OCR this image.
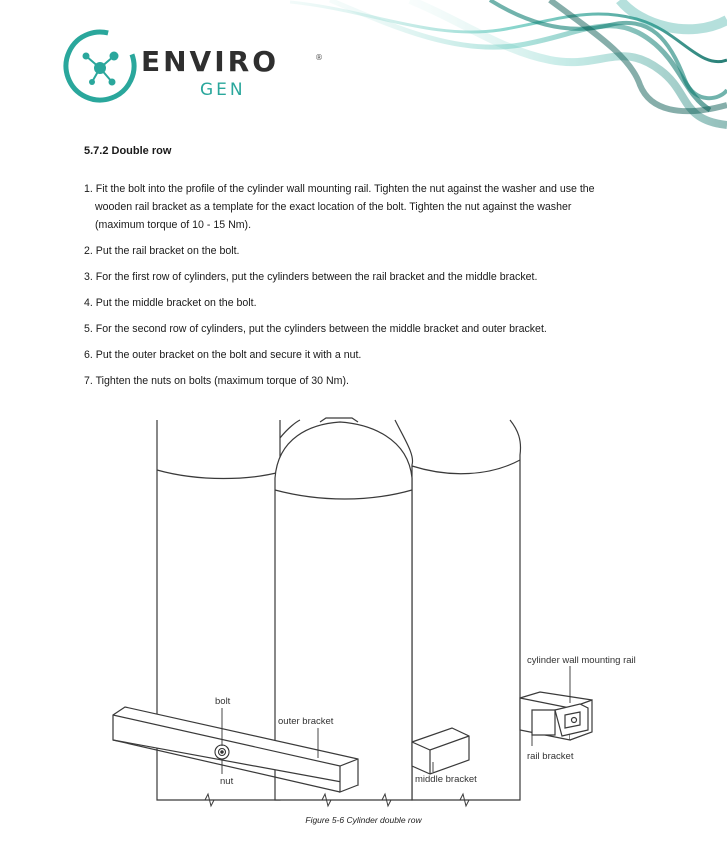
ENVIRO	®
GEN
5.7.2 Double row
1. Fit the bolt into the profile of the cylinder wall mounting rail. Tighten the nut against the washer and use the
wooden rail bracket as a template for the exact location of the bolt. Tighten the nut against the washer
(maximum torque of 10 - 15 Nm).
2. Put the rail bracket on the bolt.
3. For the first row of cylinders, put the cylinders between the rail bracket and the middle bracket.
4. Put the middle bracket on the bolt.
5. For the second row of cylinders, put the cylinders between the middle bracket and outer bracket.
6. Put the outer bracket on the bolt and secure it with a nut.
7. Tighten the nuts on bolts (maximum torque of 30 Nm).
bolt
outer bracket
nut	middle bracket
cylinder wall mounting rail
rail bracket
Figure 5-6 Cylinder double row
